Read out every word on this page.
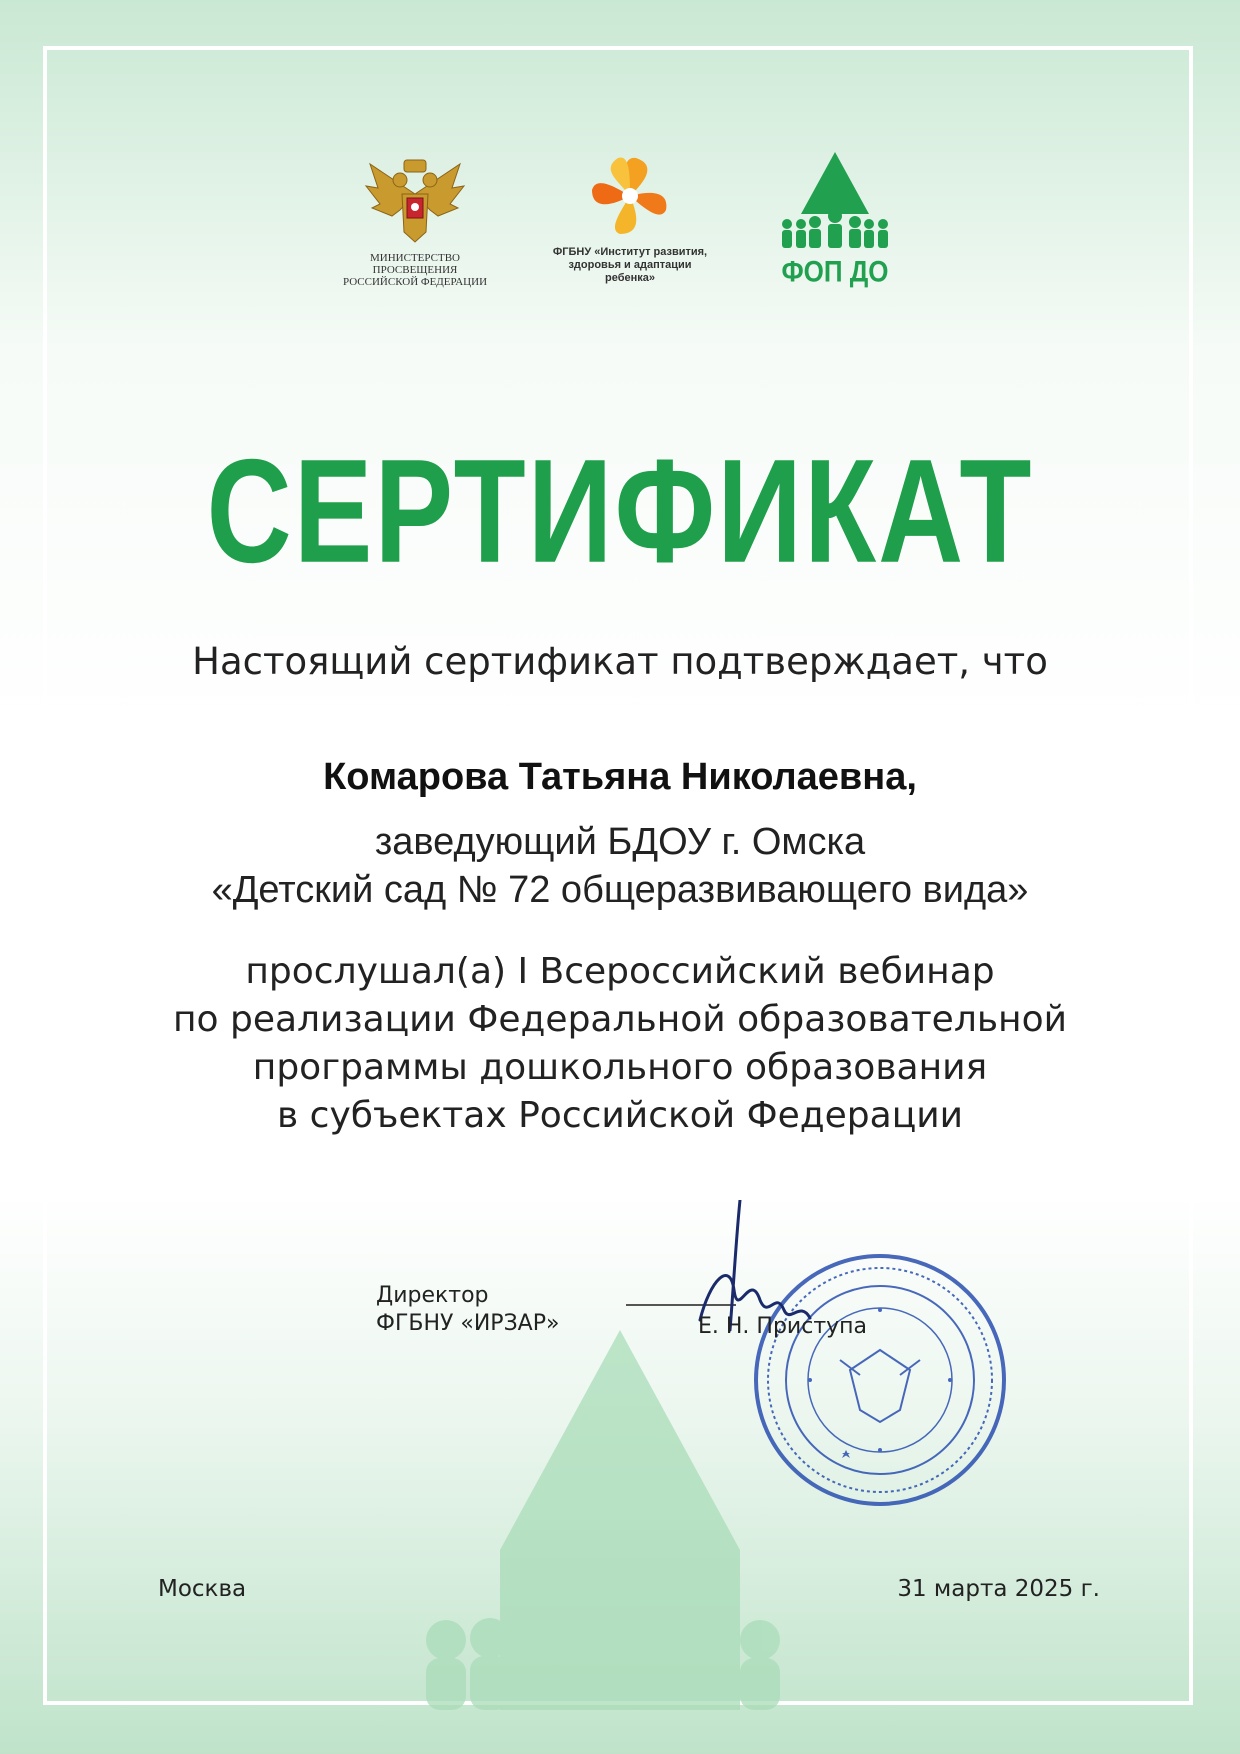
МИНИСТЕРСТВО ПРОСВЕЩЕНИЯ
РОССИЙСКОЙ ФЕДЕРАЦИИ
ФГБНУ «Институт развития,
здоровья и адаптации
ребенка»	ФОП ДО
СЕРТИФИКАТ
Настоящий сертификат подтверждает, что
Комарова Татьяна Николаевна,
заведующий БДОУ г. Омска
«Детский сад № 72 общеразвивающего вида»
прослушал(а) I Всероссийский вебинар
по реализации Федеральной образовательной
программы дошкольного образования
в субъектах Российской Федерации
Директор
ФГБНУ «ИРЗАР»	Е. Н. Приступа
Москва	31 марта 2025 г.
